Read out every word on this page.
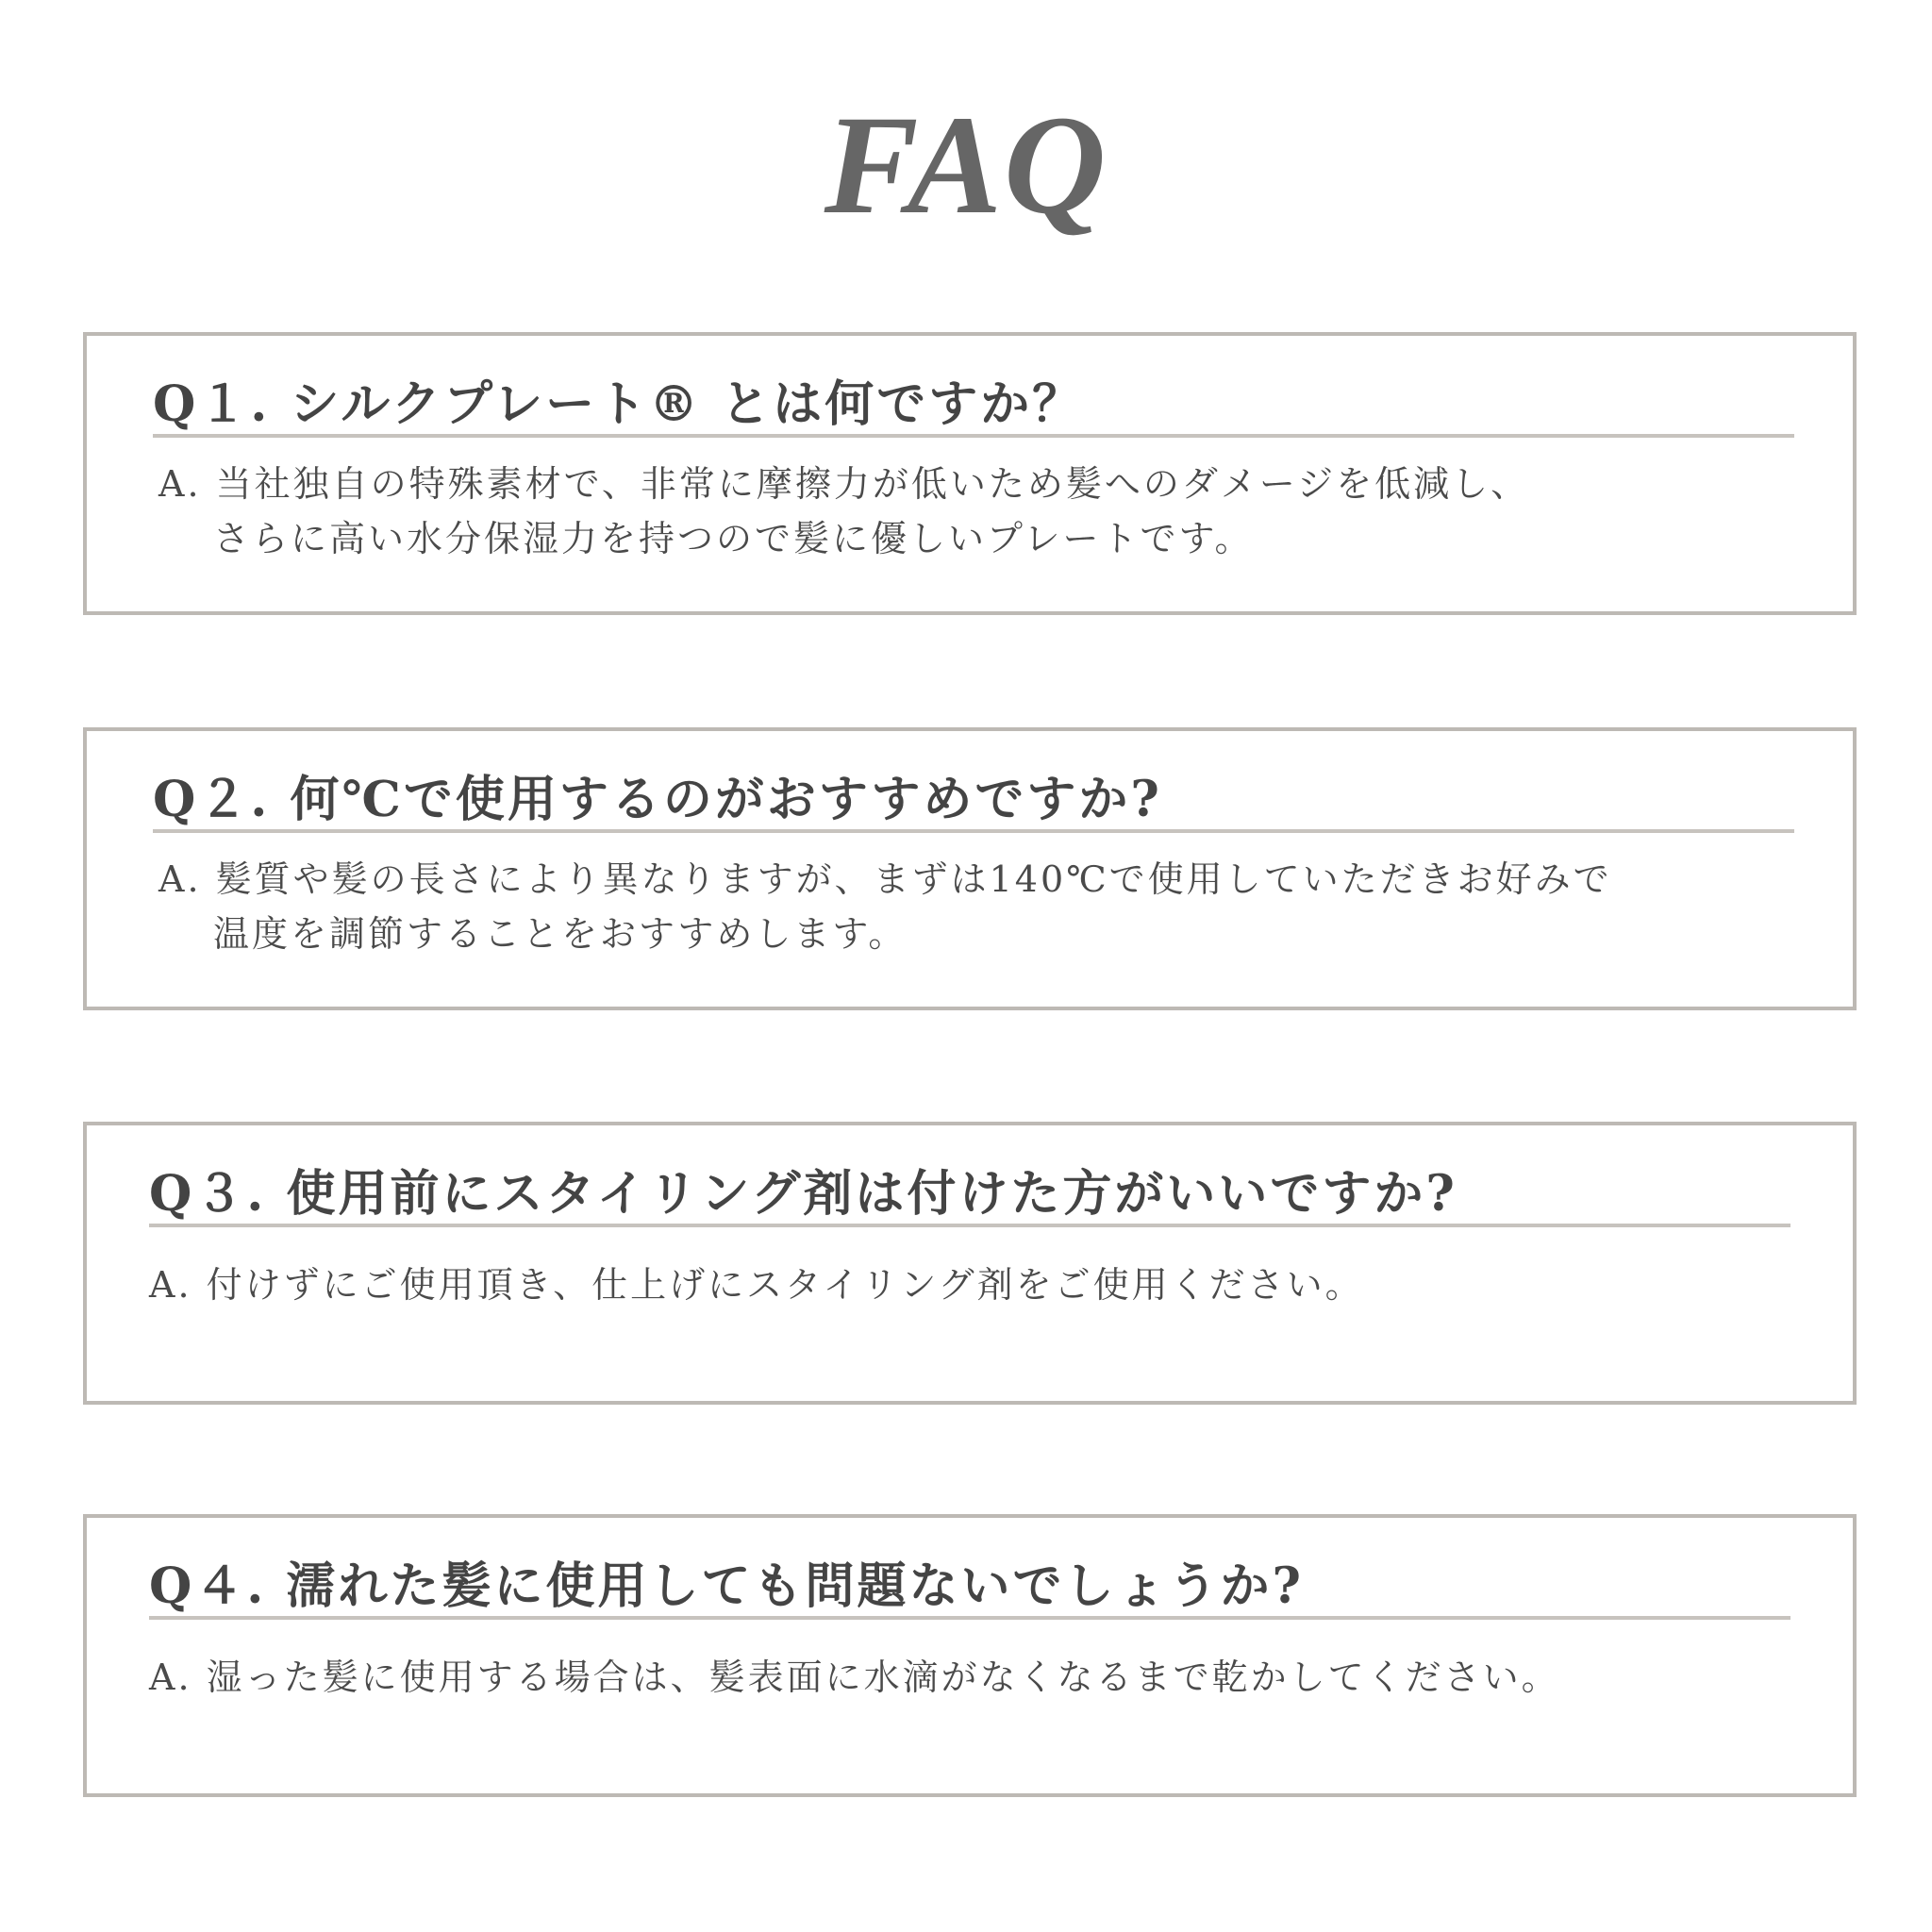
FAQ
Q１. シルクプレート® とは何ですか？
A. 当社独自の特殊素材で、非常に摩擦力が低いため髪へのダメージを低減し、
さらに高い水分保湿力を持つので髪に優しいプレートです。
Q２. 何℃で使用するのがおすすめですか?
A. 髪質や髪の長さにより異なりますが、まずは140℃で使用していただきお好みで
温度を調節することをおすすめします。
Q３. 使用前にスタイリング剤は付けた方がいいですか?
A. 付けずにご使用頂き、仕上げにスタイリング剤をご使用ください。
Q４. 濡れた髪に使用しても問題ないでしょうか?
A. 湿った髪に使用する場合は、髪表面に水滴がなくなるまで乾かしてください。
